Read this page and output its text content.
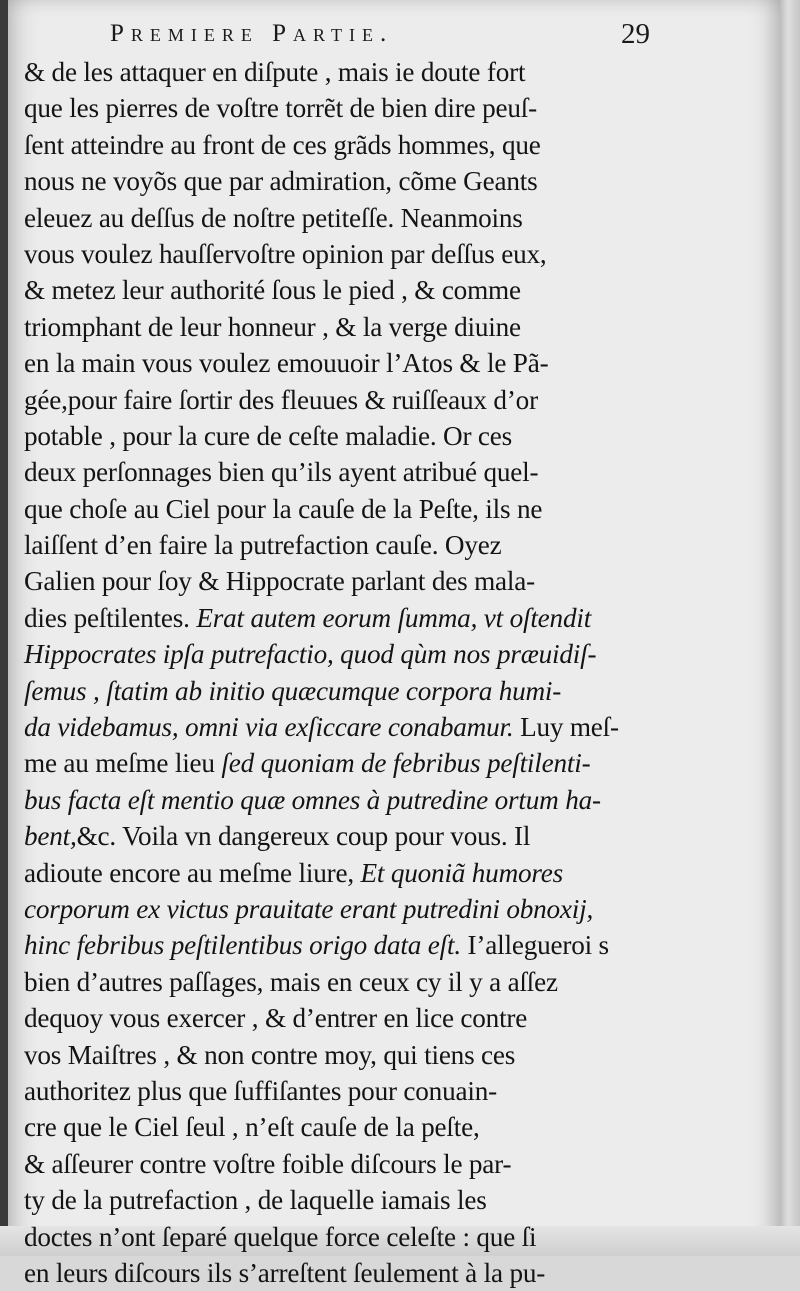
Premiere Partie.	29
& de les attaquer en diſpute , mais ie doute fort
que les pierres de voſtre torrẽt de bien dire peuſ-
ſent atteindre au front de ces grãds hommes, que
nous ne voyõs que par admiration, cõme Geants
eleuez au deſſus de noſtre petiteſſe. Neanmoins
vous voulez hauſſervoſtre opinion par deſſus eux,
& metez leur authorité ſous le pied , & comme
triomphant de leur honneur , & la verge diuine
en la main vous voulez emouuoir l’Atos & le Pã-
gée,pour faire ſortir des fleuues & ruiſſeaux d’or
potable , pour la cure de ceſte maladie. Or ces
deux perſonnages bien qu’ils ayent atribué quel-
que choſe au Ciel pour la cauſe de la Peſte, ils ne
laiſſent d’en faire la putrefaction cauſe. Oyez
Galien pour ſoy & Hippocrate parlant des mala-
dies peſtilentes. Erat autem eorum ſumma, vt oſtendit
Hippocrates ipſa putrefactio, quod qùm nos præuidiſ-
ſemus , ſtatim ab initio quæcumque corpora humi-
da videbamus, omni via exſiccare conabamur. Luy meſ-
me au meſme lieu ſed quoniam de febribus peſtilenti-
bus facta eſt mentio quæ omnes à putredine ortum ha-
bent,&c. Voila vn dangereux coup pour vous. Il
adioute encore au meſme liure, Et quoniã humores
corporum ex victus prauitate erant putredini obnoxij,
hinc febribus peſtilentibus origo data eſt. I’allegueroi s
bien d’autres paſſages, mais en ceux cy il y a aſſez
dequoy vous exercer , & d’entrer en lice contre
vos Maiſtres , & non contre moy, qui tiens ces
authoritez plus que ſuffiſantes pour conuain-
cre que le Ciel ſeul , n’eſt cauſe de la peſte,
& aſſeurer contre voſtre foible diſcours le par-
ty de la putrefaction , de laquelle iamais les
doctes n’ont ſeparé quelque force celeſte : que ſi
en leurs diſcours ils s’arreſtent ſeulement à la pu-
